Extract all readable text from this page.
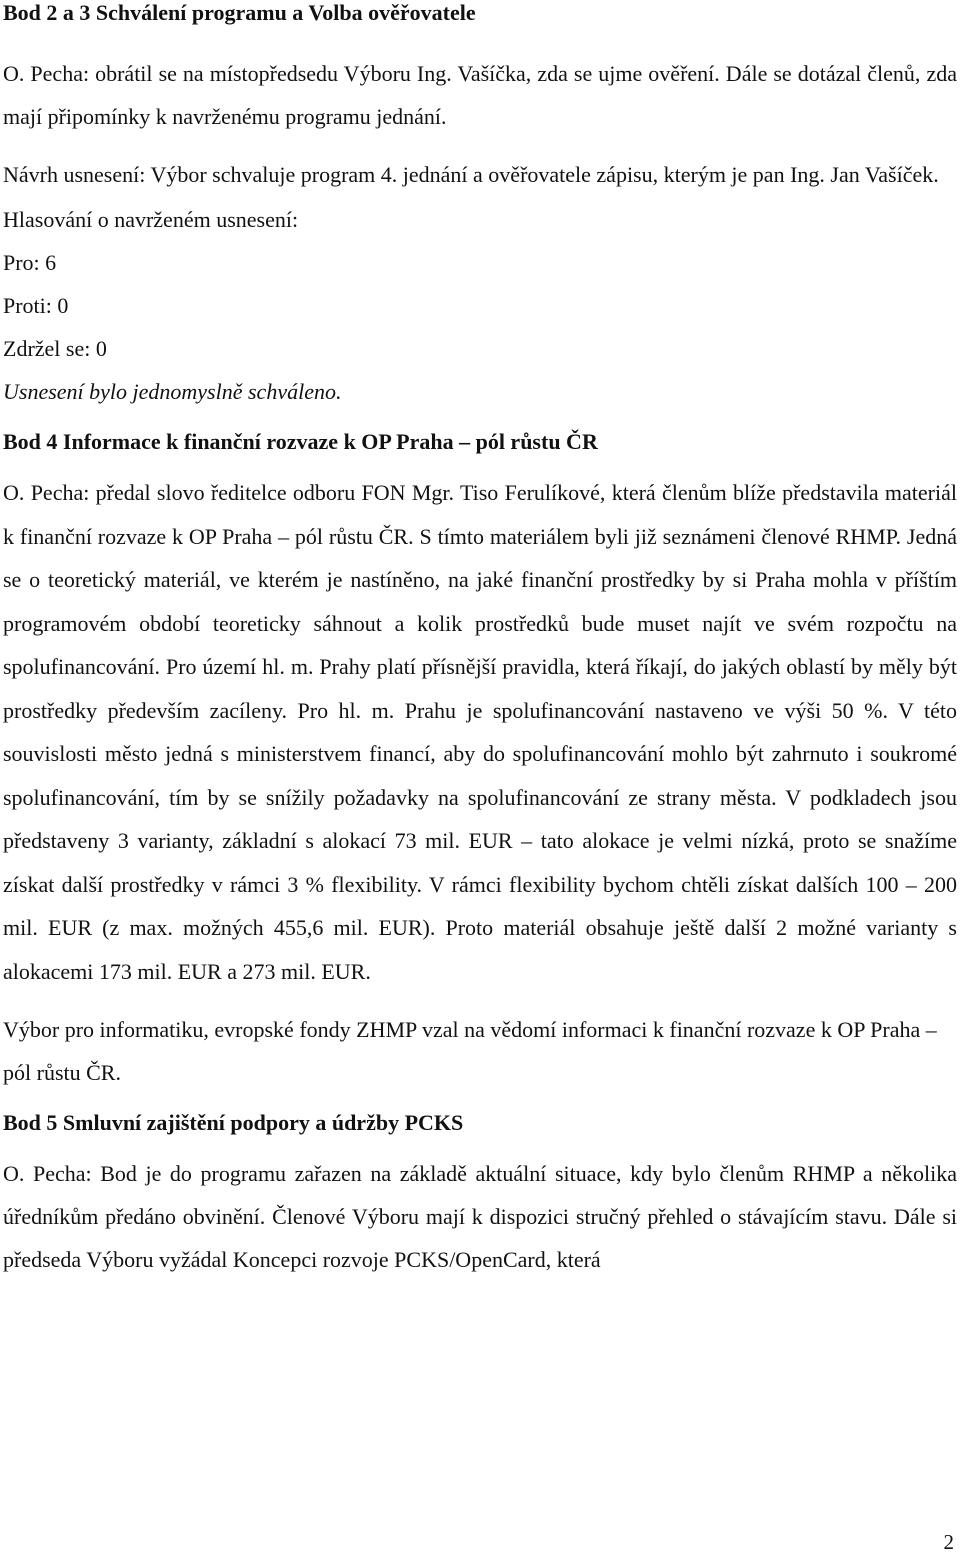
Bod 2 a 3 Schválení programu a Volba ověřovatele
O. Pecha: obrátil se na místopředsedu Výboru Ing. Vašíčka, zda se ujme ověření. Dále se dotázal členů, zda mají připomínky k navrženému programu jednání.
Návrh usnesení: Výbor schvaluje program 4. jednání a ověřovatele zápisu, kterým je pan Ing. Jan Vašíček.
Hlasování o navrženém usnesení:
Pro: 6
Proti: 0
Zdržel se: 0
Usnesení bylo jednomyslně schváleno.
Bod 4 Informace k finanční rozvaze k OP Praha – pól růstu ČR
O. Pecha: předal slovo ředitelce odboru FON Mgr. Tiso Ferulíkové, která členům blíže představila materiál k finanční rozvaze k OP Praha – pól růstu ČR. S tímto materiálem byli již seznámeni členové RHMP. Jedná se o teoretický materiál, ve kterém je nastíněno, na jaké finanční prostředky by si Praha mohla v příštím programovém období teoreticky sáhnout a kolik prostředků bude muset najít ve svém rozpočtu na spolufinancování. Pro území hl. m. Prahy platí přísnější pravidla, která říkají, do jakých oblastí by měly být prostředky především zacíleny. Pro hl. m. Prahu je spolufinancování nastaveno ve výši 50 %. V této souvislosti město jedná s ministerstvem financí, aby do spolufinancování mohlo být zahrnuto i soukromé spolufinancování, tím by se snížily požadavky na spolufinancování ze strany města. V podkladech jsou představeny 3 varianty, základní s alokací 73 mil. EUR – tato alokace je velmi nízká, proto se snažíme získat další prostředky v rámci 3 % flexibility. V rámci flexibility bychom chtěli získat dalších 100 – 200 mil. EUR (z max. možných 455,6 mil. EUR). Proto materiál obsahuje ještě další 2 možné varianty s alokacemi 173 mil. EUR a 273 mil. EUR.
Výbor pro informatiku, evropské fondy ZHMP vzal na vědomí informaci k finanční rozvaze k OP Praha – pól růstu ČR.
Bod 5 Smluvní zajištění podpory a údržby PCKS
O. Pecha: Bod je do programu zařazen na základě aktuální situace, kdy bylo členům RHMP a několika úředníkům předáno obvinění. Členové Výboru mají k dispozici stručný přehled o stávajícím stavu. Dále si předseda Výboru vyžádal Koncepci rozvoje PCKS/OpenCard, která
2
